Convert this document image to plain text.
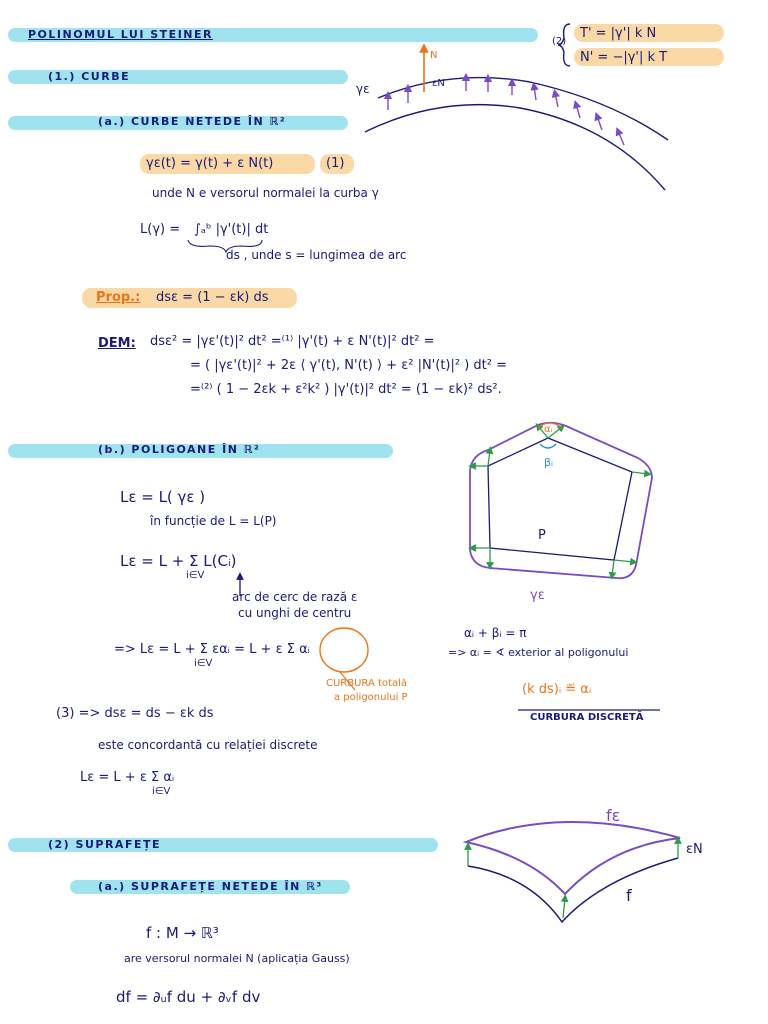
POLINOMUL LUI STEINER
(2)
T' = |γ'| k N
N' = −|γ'| k T
(1.) CURBE
(a.) CURBE NETEDE ÎN ℝ²
N
εN
γε
γε(t) = γ(t) + ε N(t)	(1)
unde N e versorul normalei la curba γ
L(γ) = ∫ₐᵇ |γ'(t)| dt
ds , unde s = lungimea de arc
Prop.: dsε = (1 − εk) ds
DEM: dsε² = |γε'(t)|² dt² =⁽¹⁾ |γ'(t) + ε N'(t)|² dt² =
= ( |γε'(t)|² + 2ε ⟨ γ'(t), N'(t) ⟩ + ε² |N'(t)|² ) dt² =
=⁽²⁾ ( 1 − 2εk + ε²k² ) |γ'(t)|² dt² = (1 − εk)² ds².
(b.) POLIGOANE ÎN ℝ²
Lε = L( γε )
în funcție de L = L(P)
Lε = L + Σ L(Cᵢ)
i∈V
arc de cerc de rază ε
cu unghi de centru
=> Lε = L + Σ εαᵢ = L + ε Σ αᵢ
i∈V
CURBURA totală
a poligonului P
(3) => dsε = ds − εk ds
este concordantă cu relației discrete
Lε = L + ε Σ αᵢ
i∈V
αᵢ
βᵢ
P
γε
αᵢ + βᵢ = π
=> αᵢ = ∢ exterior al poligonului
(k ds)ᵢ ≝ αᵢ
CURBURA DISCRETĂ
(2) SUPRAFEȚE
(a.) SUPRAFEȚE NETEDE ÎN ℝ³
f : M → ℝ³
are versorul normalei N (aplicația Gauss)
df = ∂ᵤf du + ∂ᵥf dv
fε
εN
f
